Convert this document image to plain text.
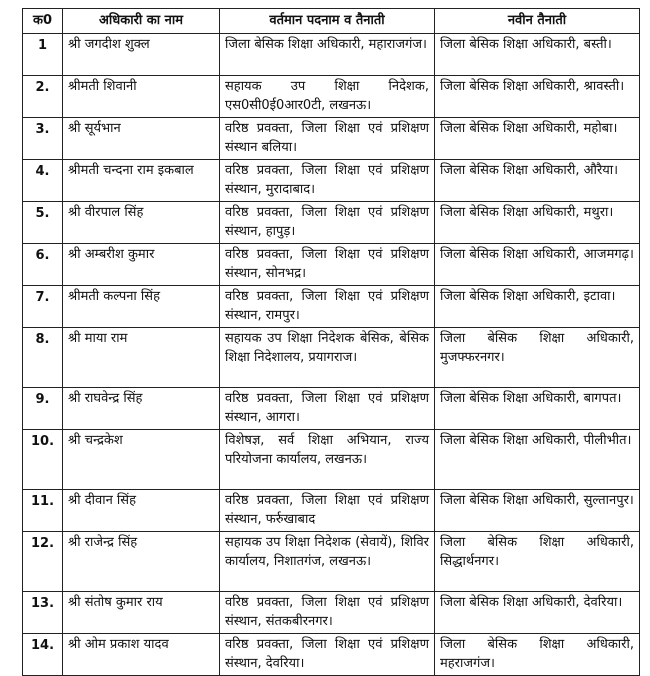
क0	अधिकारी का नाम	वर्तमान पदनाम व तैनाती	नवीन तैनाती
1	श्री जगदीश शुक्ल	जिला बेसिक शिक्षा अधिकारी, महाराजगंज।	जिला बेसिक शिक्षा अधिकारी, बस्ती।
2.	श्रीमती शिवानी	सहायक उप शिक्षा निदेशक, एस0सी0ई0आर0टी, लखनऊ।	जिला बेसिक शिक्षा अधिकारी, श्रावस्ती।
3.	श्री सूर्यभान	वरिष्ठ प्रवक्ता, जिला शिक्षा एवं प्रशिक्षण संस्थान बलिया।	जिला बेसिक शिक्षा अधिकारी, महोबा।
4.	श्रीमती चन्दना राम इकबाल	वरिष्ठ प्रवक्ता, जिला शिक्षा एवं प्रशिक्षण संस्थान, मुरादाबाद।	जिला बेसिक शिक्षा अधिकारी, औरैया।
5.	श्री वीरपाल सिंह	वरिष्ठ प्रवक्ता, जिला शिक्षा एवं प्रशिक्षण संस्थान, हापुड़।	जिला बेसिक शिक्षा अधिकारी, मथुरा।
6.	श्री अम्बरीश कुमार	वरिष्ठ प्रवक्ता, जिला शिक्षा एवं प्रशिक्षण संस्थान, सोनभद्र।	जिला बेसिक शिक्षा अधिकारी, आजमगढ़।
7.	श्रीमती कल्पना सिंह	वरिष्ठ प्रवक्ता, जिला शिक्षा एवं प्रशिक्षण संस्थान, रामपुर।	जिला बेसिक शिक्षा अधिकारी, इटावा।
8.	श्री माया राम	सहायक उप शिक्षा निदेशक बेसिक, बेसिक शिक्षा निदेशालय, प्रयागराज।	जिला बेसिक शिक्षा अधिकारी, मुजफ्फरनगर।
9.	श्री राघवेन्द्र सिंह	वरिष्ठ प्रवक्ता, जिला शिक्षा एवं प्रशिक्षण संस्थान, आगरा।	जिला बेसिक शिक्षा अधिकारी, बागपत।
10.	श्री चन्द्रकेश	विशेषज्ञ, सर्व शिक्षा अभियान, राज्य परियोजना कार्यालय, लखनऊ।	जिला बेसिक शिक्षा अधिकारी, पीलीभीत।
11.	श्री दीवान सिंह	वरिष्ठ प्रवक्ता, जिला शिक्षा एवं प्रशिक्षण संस्थान, फर्रुखाबाद	जिला बेसिक शिक्षा अधिकारी, सुल्तानपुर।
12.	श्री राजेन्द्र सिंह	सहायक उप शिक्षा निदेशक (सेवायें), शिविर कार्यालय, निशातगंज, लखनऊ।	जिला बेसिक शिक्षा अधिकारी, सिद्धार्थनगर।
13.	श्री संतोष कुमार राय	वरिष्ठ प्रवक्ता, जिला शिक्षा एवं प्रशिक्षण संस्थान, संतकबीरनगर।	जिला बेसिक शिक्षा अधिकारी, देवरिया।
14.	श्री ओम प्रकाश यादव	वरिष्ठ प्रवक्ता, जिला शिक्षा एवं प्रशिक्षण संस्थान, देवरिया।	जिला बेसिक शिक्षा अधिकारी, महराजगंज।
